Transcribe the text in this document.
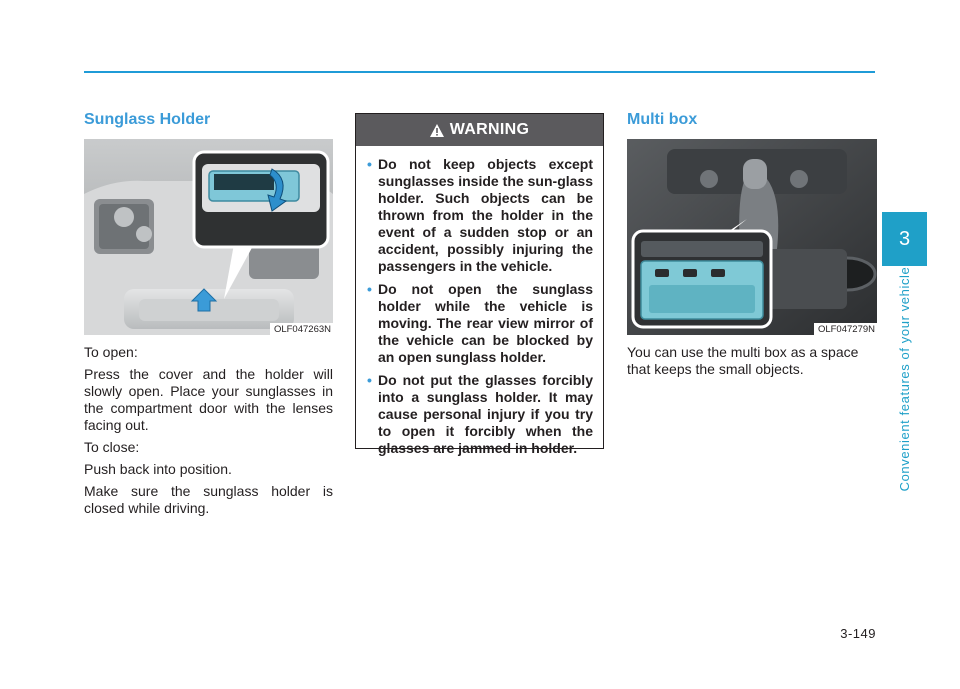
Sunglass Holder
OLF047263N

To open:

Press the cover and the holder will slowly open. Place your sunglasses in the compartment door with the lenses facing out.

To close:

Push back into position.

Make sure the sunglass holder is closed while driving.

WARNING
• Do not keep objects except sunglasses inside the sun-glass holder. Such objects can be thrown from the holder in the event of a sudden stop or an accident, possibly injuring the passengers in the vehicle.
• Do not open the sunglass holder while the vehicle is moving. The rear view mirror of the vehicle can be blocked by an open sunglass holder.
• Do not put the glasses forcibly into a sunglass holder. It may cause personal injury if you try to open it forcibly when the glasses are jammed in holder.
Multi box
OLF047279N

You can use the multi box as a space that keeps the small objects.

3
Convenient features of your vehicle
3-149
